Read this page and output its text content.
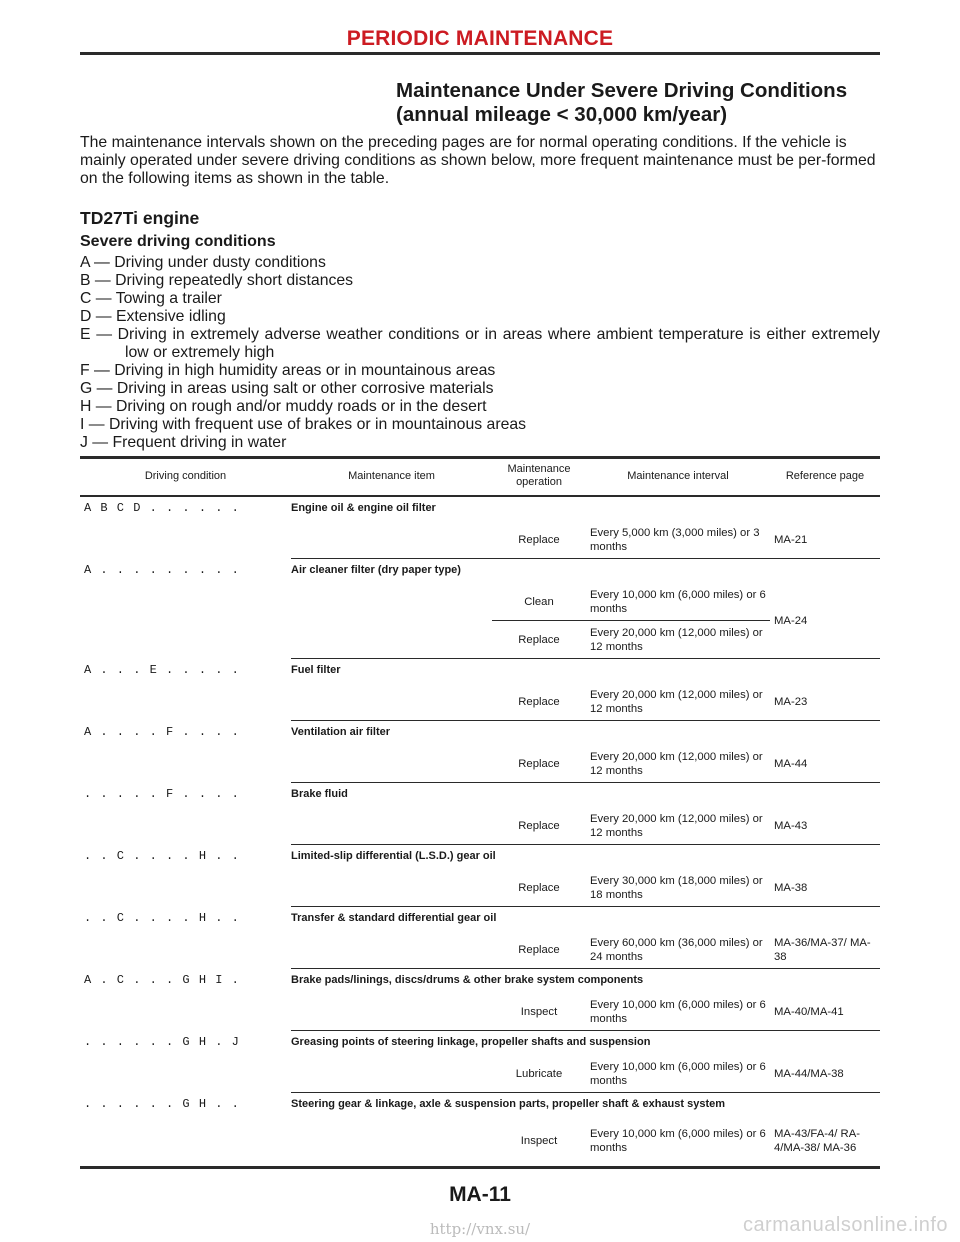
PERIODIC MAINTENANCE
Maintenance Under Severe Driving Conditions
(annual mileage < 30,000 km/year)

The maintenance intervals shown on the preceding pages are for normal operating conditions. If the vehicle is mainly operated under severe driving conditions as shown below, more frequent maintenance must be per-formed on the following items as shown in the table.

TD27Ti engine
Severe driving conditions
A — Driving under dusty conditions
B — Driving repeatedly short distances
C — Towing a trailer
D — Extensive idling
E — Driving in extremely adverse weather conditions or in areas where ambient temperature is either extremely low or extremely high
F — Driving in high humidity areas or in mountainous areas
G — Driving in areas using salt or other corrosive materials
H — Driving on rough and/or muddy roads or in the desert
I — Driving with frequent use of brakes or in mountainous areas
J — Frequent driving in water
Driving condition	Maintenance item	Maintenance operation	Maintenance interval	Reference page
A B C D . . . . . .	Engine oil & engine oil filter			
		Replace	Every 5,000 km (3,000 miles) or 3 months	MA-21
A . . . . . . . . .	Air cleaner filter (dry paper type)			
		Clean	Every 10,000 km (6,000 miles) or 6 months	MA-24
		Replace	Every 20,000 km (12,000 miles) or 12 months	
A . . . E . . . . .	Fuel filter			
		Replace	Every 20,000 km (12,000 miles) or 12 months	MA-23
A . . . . F . . . .	Ventilation air filter			
		Replace	Every 20,000 km (12,000 miles) or 12 months	MA-44
. . . . . F . . . .	Brake fluid			
		Replace	Every 20,000 km (12,000 miles) or 12 months	MA-43
. . C . . . . H . .	Limited-slip differential (L.S.D.) gear oil			
		Replace	Every 30,000 km (18,000 miles) or 18 months	MA-38
. . C . . . . H . .	Transfer & standard differential gear oil			
		Replace	Every 60,000 km (36,000 miles) or 24 months	MA-36/MA-37/ MA-38
A . C . . . G H I .	Brake pads/linings, discs/drums & other brake system components			
		Inspect	Every 10,000 km (6,000 miles) or 6 months	MA-40/MA-41
. . . . . . G H . J	Greasing points of steering linkage, propeller shafts and suspension			
		Lubricate	Every 10,000 km (6,000 miles) or 6 months	MA-44/MA-38
. . . . . . G H . .	Steering gear & linkage, axle & suspension parts, propeller shaft & exhaust system			
		Inspect	Every 10,000 km (6,000 miles) or 6 months	MA-43/FA-4/ RA-4/MA-38/ MA-36
MA-11
http://vnx.su/	carmanualsonline.info
